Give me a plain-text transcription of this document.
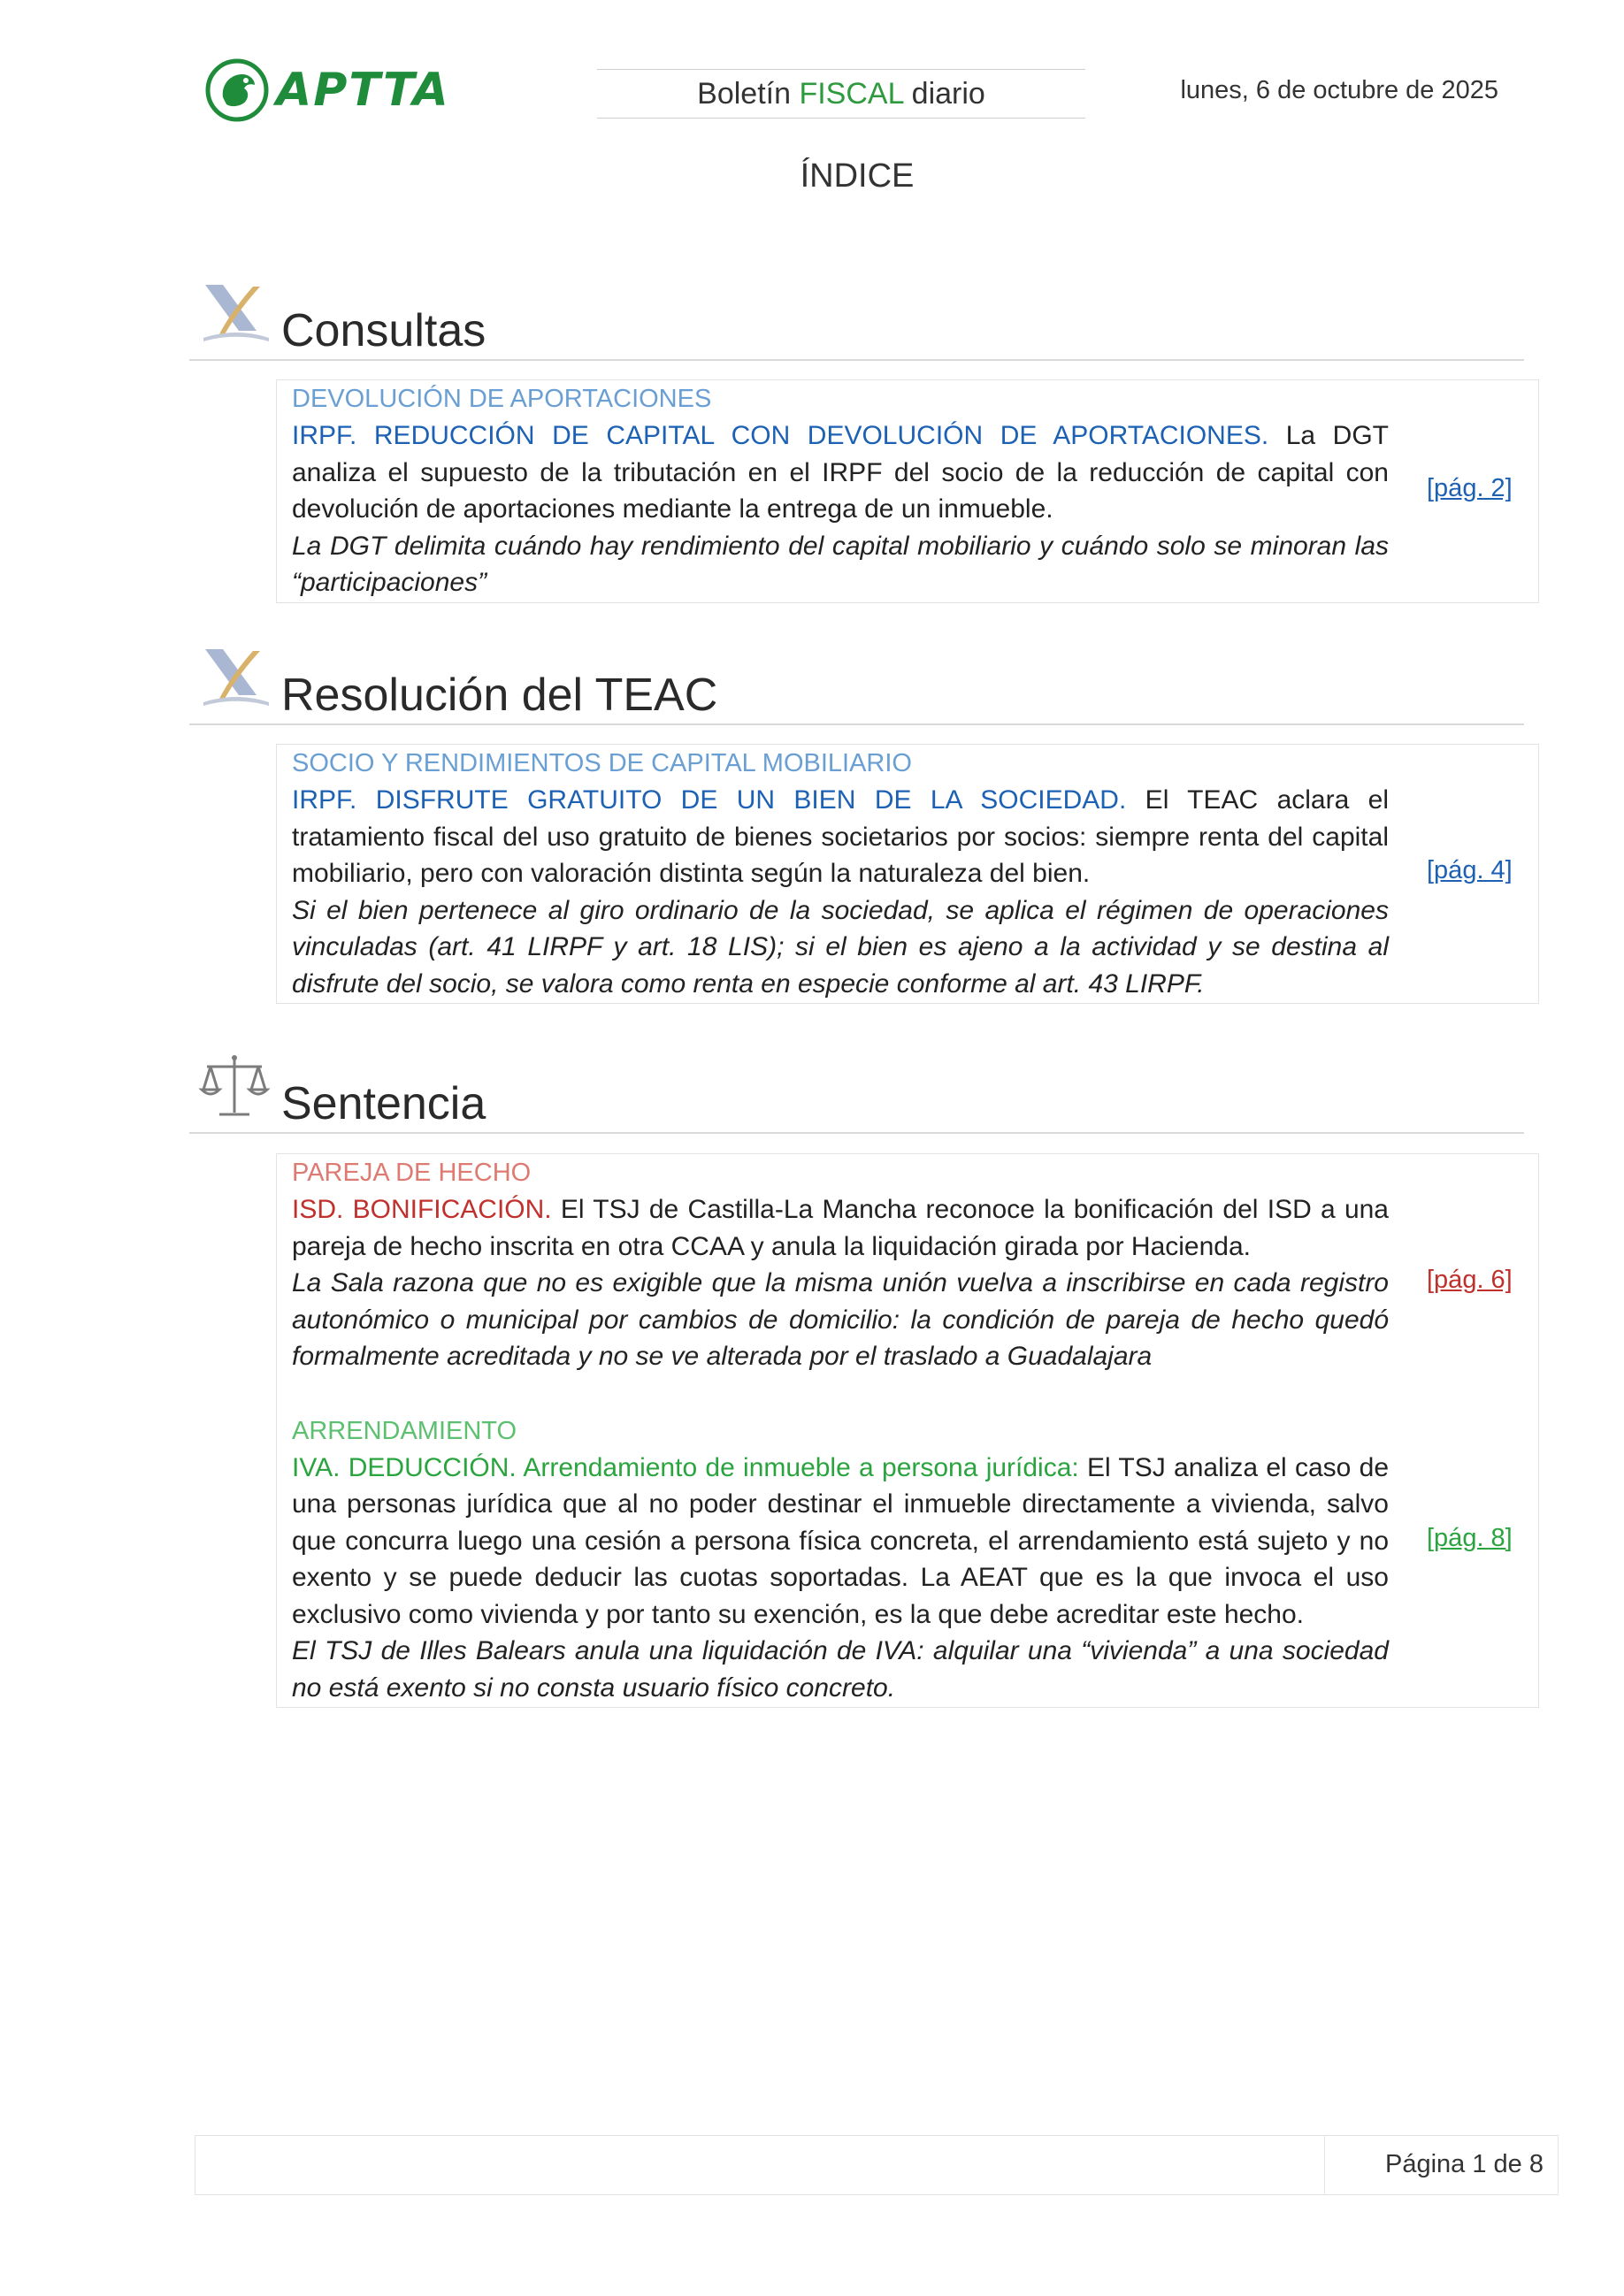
APTTA	Boletín FISCAL diario	lunes, 6 de octubre de 2025
ÍNDICE
Consultas
DEVOLUCIÓN DE APORTACIONES
IRPF. REDUCCIÓN DE CAPITAL CON DEVOLUCIÓN DE APORTACIONES. La DGT analiza el supuesto de la tributación en el IRPF del socio de la reducción de capital con devolución de aportaciones mediante la entrega de un inmueble.
La DGT delimita cuándo hay rendimiento del capital mobiliario y cuándo solo se minoran las “participaciones”
[pág. 2]
Resolución del TEAC
SOCIO Y RENDIMIENTOS DE CAPITAL MOBILIARIO
IRPF. DISFRUTE GRATUITO DE UN BIEN DE LA SOCIEDAD. El TEAC aclara el tratamiento fiscal del uso gratuito de bienes societarios por socios: siempre renta del capital mobiliario, pero con valoración distinta según la naturaleza del bien.
Si el bien pertenece al giro ordinario de la sociedad, se aplica el régimen de operaciones vinculadas (art. 41 LIRPF y art. 18 LIS); si el bien es ajeno a la actividad y se destina al disfrute del socio, se valora como renta en especie conforme al art. 43 LIRPF.
[pág. 4]
Sentencia
PAREJA DE HECHO
ISD. BONIFICACIÓN. El TSJ de Castilla-La Mancha reconoce la bonificación del ISD a una pareja de hecho inscrita en otra CCAA y anula la liquidación girada por Hacienda.
La Sala razona que no es exigible que la misma unión vuelva a inscribirse en cada registro autonómico o municipal por cambios de domicilio: la condición de pareja de hecho quedó formalmente acreditada y no se ve alterada por el traslado a Guadalajara
[pág. 6]
ARRENDAMIENTO
IVA. DEDUCCIÓN. Arrendamiento de inmueble a persona jurídica: El TSJ analiza el caso de una personas jurídica que al no poder destinar el inmueble directamente a vivienda, salvo que concurra luego una cesión a persona física concreta, el arrendamiento está sujeto y no exento y se puede deducir las cuotas soportadas. La AEAT que es la que invoca el uso exclusivo como vivienda y por tanto su exención, es la que debe acreditar este hecho.
El TSJ de Illes Balears anula una liquidación de IVA: alquilar una “vivienda” a una sociedad no está exento si no consta usuario físico concreto.
[pág. 8]
Página 1 de 8
